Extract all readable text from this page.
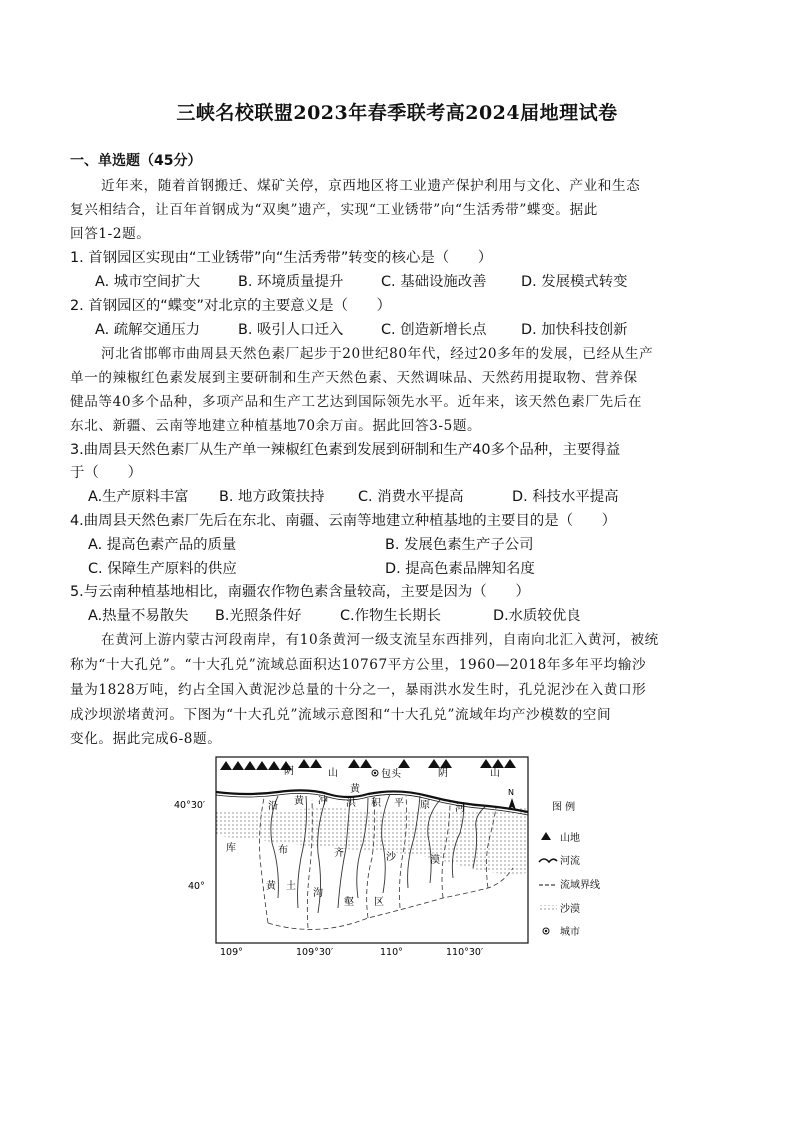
三峡名校联盟2023年春季联考高2024届地理试卷
一、单选题（45分）
近年来，随着首钢搬迁、煤矿关停，京西地区将工业遗产保护利用与文化、产业和生态
复兴相结合，让百年首钢成为“双奥”遗产，实现“工业锈带”向“生活秀带”蝶变。据此
回答1-2题。
1. 首钢园区实现由“工业锈带”向“生活秀带”转变的核心是（　　）
A. 城市空间扩大	B. 环境质量提升	C. 基础设施改善 D. 发展模式转变
2. 首钢园区的“蝶变”对北京的主要意义是（　　）
A. 疏解交通压力	B. 吸引人口迁入	C. 创造新增长点 D. 加快科技创新
河北省邯郸市曲周县天然色素厂起步于20世纪80年代，经过20多年的发展，已经从生产
单一的辣椒红色素发展到主要研制和生产天然色素、天然调味品、天然药用提取物、营养保
健品等40多个品种，多项产品和生产工艺达到国际领先水平。近年来，该天然色素厂先后在
东北、新疆、云南等地建立种植基地70余万亩。据此回答3-5题。
3.曲周县天然色素厂从生产单一辣椒红色素到发展到研制和生产40多个品种，主要得益
于（　　）
A.生产原料丰富 B. 地方政策扶持 C. 消费水平提高	D. 科技水平提高
4.曲周县天然色素厂先后在东北、南疆、云南等地建立种植基地的主要目的是（　　）
A. 提高色素产品的质量	B. 发展色素生产子公司
C. 保障生产原料的供应	D. 提高色素品牌知名度
5.与云南种植基地相比，南疆农作物色素含量较高，主要是因为（　　）
A.热量不易散失 B.光照条件好	C.作物生长期长	D.水质较优良
在黄河上游内蒙古河段南岸，有10条黄河一级支流呈东西排列，自南向北汇入黄河，被统
称为“十大孔兑”。“十大孔兑”流域总面积达10767平方公里，1960—2018年多年平均输沙
量为1828万吨，约占全国入黄泥沙总量的十分之一，暴雨洪水发生时，孔兑泥沙在入黄口形
成沙坝淤堵黄河。下图为“十大孔兑”流域示意图和“十大孔兑”流域年均产沙模数的空间
变化。据此完成6-8题。
阴	山	包头	阴	山
黄
沿 黄 冲 洪 积 平 原	河
库	布	齐	沙	漠
黄 土
沟
壑 区
N
40°30′
40°
109°	109°30′	110°	110°30′
图 例
山地
河流
流域界线
沙漠
城市
